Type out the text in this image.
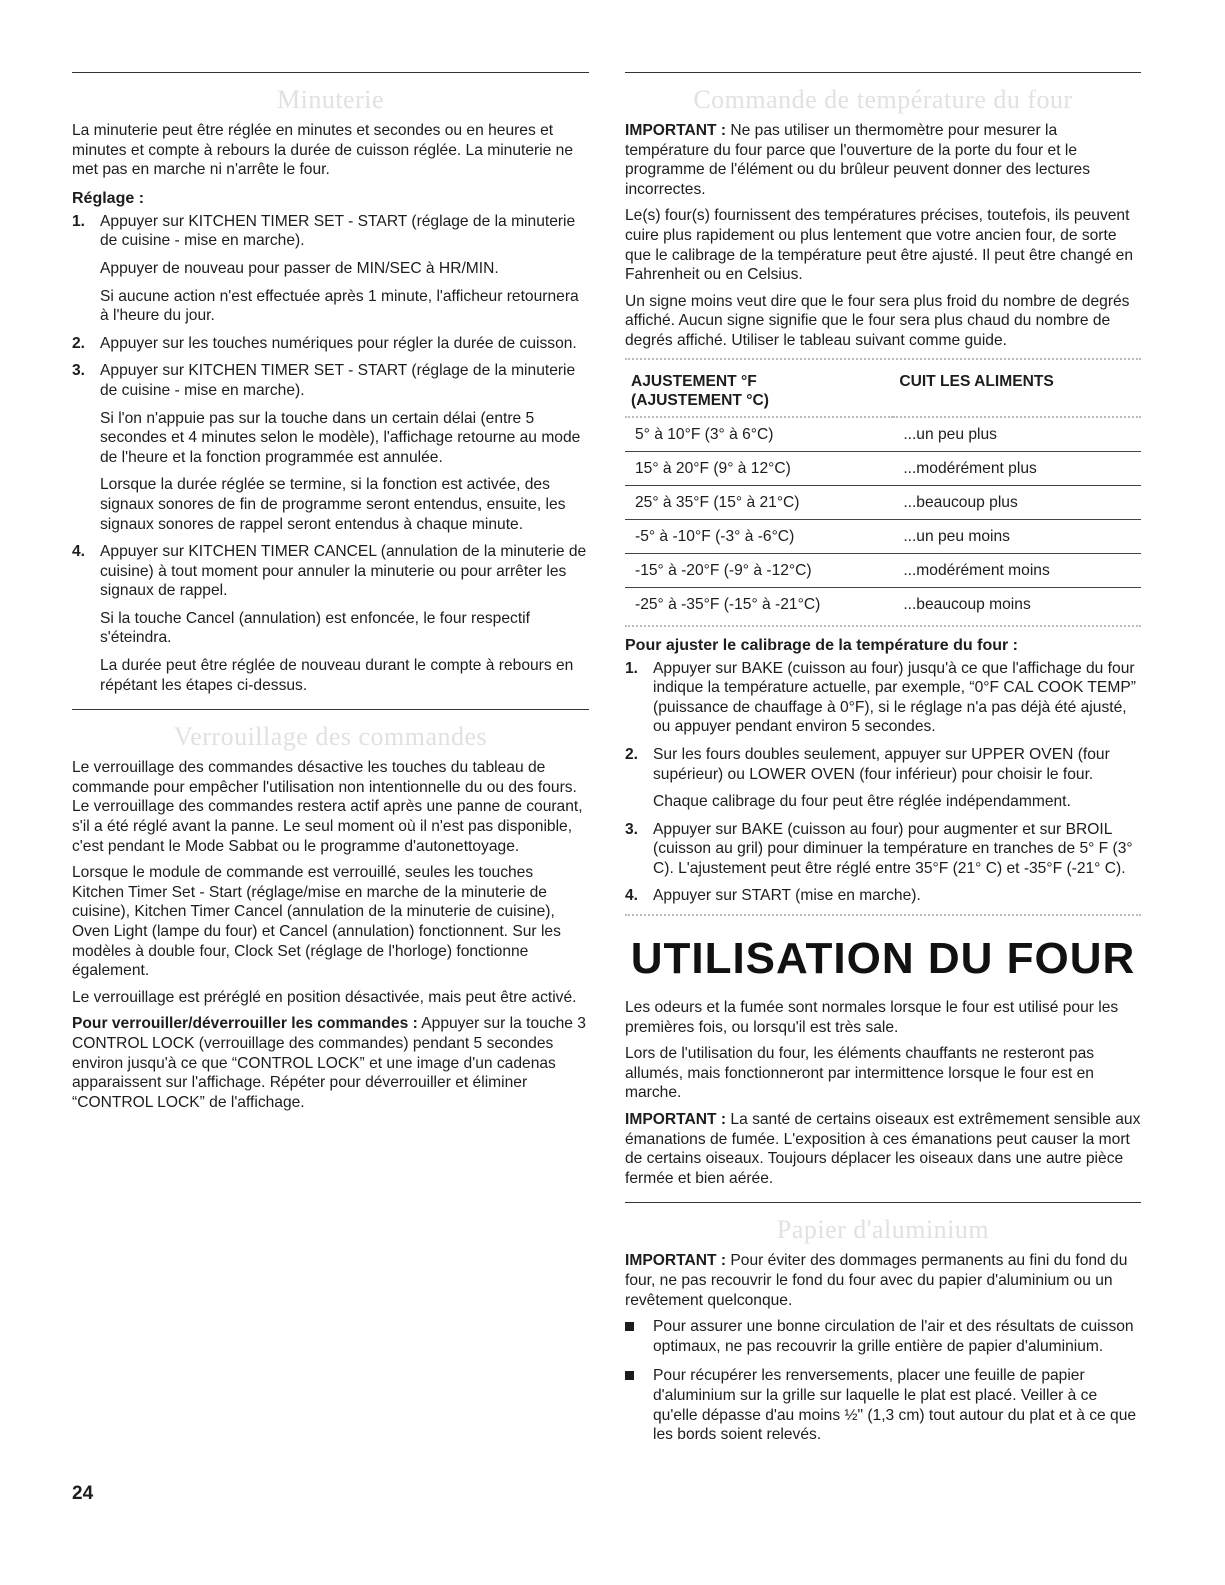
Minuterie

La minuterie peut être réglée en minutes et secondes ou en heures et minutes et compte à rebours la durée de cuisson réglée. La minuterie ne met pas en marche ni n'arrête le four.

Réglage :
1. Appuyer sur KITCHEN TIMER SET - START (réglage de la minuterie de cuisine - mise en marche).

Appuyer de nouveau pour passer de MIN/SEC à HR/MIN.

Si aucune action n'est effectuée après 1 minute, l'afficheur retournera à l'heure du jour.

2. Appuyer sur les touches numériques pour régler la durée de cuisson.

3. Appuyer sur KITCHEN TIMER SET - START (réglage de la minuterie de cuisine - mise en marche).

Si l'on n'appuie pas sur la touche dans un certain délai (entre 5 secondes et 4 minutes selon le modèle), l'affichage retourne au mode de l'heure et la fonction programmée est annulée.

Lorsque la durée réglée se termine, si la fonction est activée, des signaux sonores de fin de programme seront entendus, ensuite, les signaux sonores de rappel seront entendus à chaque minute.

4. Appuyer sur KITCHEN TIMER CANCEL (annulation de la minuterie de cuisine) à tout moment pour annuler la minuterie ou pour arrêter les signaux de rappel.

Si la touche Cancel (annulation) est enfoncée, le four respectif s'éteindra.

La durée peut être réglée de nouveau durant le compte à rebours en répétant les étapes ci-dessus.

Verrouillage des commandes

Le verrouillage des commandes désactive les touches du tableau de commande pour empêcher l'utilisation non intentionnelle du ou des fours. Le verrouillage des commandes restera actif après une panne de courant, s'il a été réglé avant la panne. Le seul moment où il n'est pas disponible, c'est pendant le Mode Sabbat ou le programme d'autonettoyage.

Lorsque le module de commande est verrouillé, seules les touches Kitchen Timer Set - Start (réglage/mise en marche de la minuterie de cuisine), Kitchen Timer Cancel (annulation de la minuterie de cuisine), Oven Light (lampe du four) et Cancel (annulation) fonctionnent. Sur les modèles à double four, Clock Set (réglage de l'horloge) fonctionne également.

Le verrouillage est préréglé en position désactivée, mais peut être activé.

Pour verrouiller/déverrouiller les commandes : Appuyer sur la touche 3 CONTROL LOCK (verrouillage des commandes) pendant 5 secondes environ jusqu'à ce que “CONTROL LOCK” et une image d'un cadenas apparaissent sur l'affichage. Répéter pour déverrouiller et éliminer “CONTROL LOCK” de l'affichage.

Commande de température du four

IMPORTANT : Ne pas utiliser un thermomètre pour mesurer la température du four parce que l'ouverture de la porte du four et le programme de l'élément ou du brûleur peuvent donner des lectures incorrectes.

Le(s) four(s) fournissent des températures précises, toutefois, ils peuvent cuire plus rapidement ou plus lentement que votre ancien four, de sorte que le calibrage de la température peut être ajusté. Il peut être changé en Fahrenheit ou en Celsius.

Un signe moins veut dire que le four sera plus froid du nombre de degrés affiché. Aucun signe signifie que le four sera plus chaud du nombre de degrés affiché. Utiliser le tableau suivant comme guide.

AJUSTEMENT °F
(AJUSTEMENT °C)	CUIT LES ALIMENTS

5° à 10°F (3° à 6°C)	...un peu plus
15° à 20°F (9° à 12°C)	...modérément plus
25° à 35°F (15° à 21°C)	...beaucoup plus
-5° à -10°F (-3° à -6°C)	...un peu moins
-15° à -20°F (-9° à -12°C)	...modérément moins
-25° à -35°F (-15° à -21°C)	...beaucoup moins
Pour ajuster le calibrage de la température du four :
1. Appuyer sur BAKE (cuisson au four) jusqu'à ce que l'affichage du four indique la température actuelle, par exemple, “0°F CAL COOK TEMP” (puissance de chauffage à 0°F), si le réglage n'a pas déjà été ajusté, ou appuyer pendant environ 5 secondes.

2. Sur les fours doubles seulement, appuyer sur UPPER OVEN (four supérieur) ou LOWER OVEN (four inférieur) pour choisir le four.

Chaque calibrage du four peut être réglée indépendamment.

3. Appuyer sur BAKE (cuisson au four) pour augmenter et sur BROIL (cuisson au gril) pour diminuer la température en tranches de 5° F (3° C). L'ajustement peut être réglé entre 35°F (21° C) et -35°F (-21° C).

4. Appuyer sur START (mise en marche).

UTILISATION DU FOUR

Les odeurs et la fumée sont normales lorsque le four est utilisé pour les premières fois, ou lorsqu'il est très sale.

Lors de l'utilisation du four, les éléments chauffants ne resteront pas allumés, mais fonctionneront par intermittence lorsque le four est en marche.

IMPORTANT : La santé de certains oiseaux est extrêmement sensible aux émanations de fumée. L'exposition à ces émanations peut causer la mort de certains oiseaux. Toujours déplacer les oiseaux dans une autre pièce fermée et bien aérée.

Papier d'aluminium

IMPORTANT : Pour éviter des dommages permanents au fini du fond du four, ne pas recouvrir le fond du four avec du papier d'aluminium ou un revêtement quelconque.

Pour assurer une bonne circulation de l'air et des résultats de cuisson optimaux, ne pas recouvrir la grille entière de papier d'aluminium.

Pour récupérer les renversements, placer une feuille de papier d'aluminium sur la grille sur laquelle le plat est placé. Veiller à ce qu'elle dépasse d'au moins ½" (1,3 cm) tout autour du plat et à ce que les bords soient relevés.

24
